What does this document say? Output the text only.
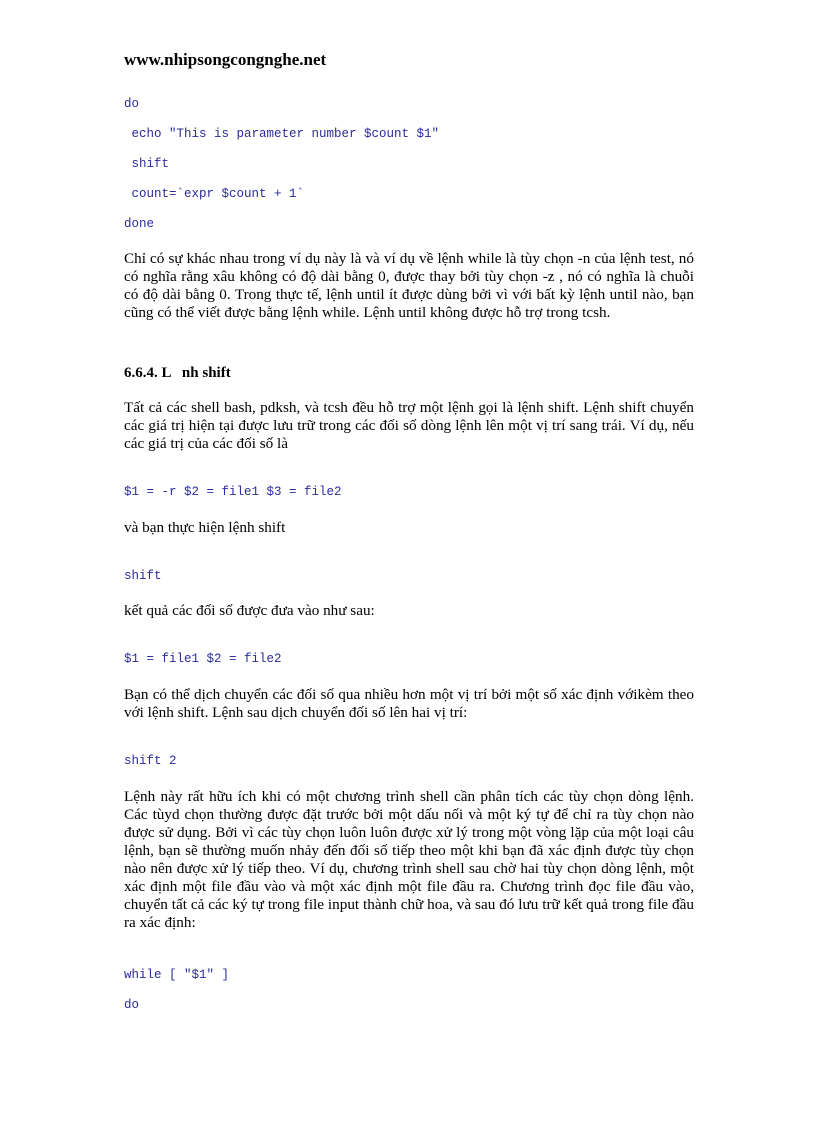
www.nhipsongcongnghe.net
do
echo "This is parameter number $count $1"
shift
count=`expr $count + 1`
done

Chỉ có sự khác nhau trong ví dụ này là và ví dụ về lệnh while là tùy chọn -n của lệnh test, nó có nghĩa rằng xâu không có độ dài bằng 0, được thay bởi tùy chọn -z , nó có nghĩa là chuỗi có độ dài bằng 0. Trong thực tế, lệnh until ít được dùng bởi vì với bất kỳ lệnh until nào, bạn cũng có thể viết được bằng lệnh while. Lệnh until không được hỗ trợ trong tcsh.

6.6.4. L   nh shift

Tất cả các shell bash, pdksh, và tcsh đều hỗ trợ một lệnh gọi là lệnh shift. Lệnh shift chuyển các giá trị hiện tại được lưu trữ trong các đối số dòng lệnh lên một vị trí sang trái. Ví dụ, nếu các giá trị của các đối số là

$1 = -r $2 = file1 $3 = file2

và bạn thực hiện lệnh shift

shift

kết quả các đối số được đưa vào như sau:

$1 = file1 $2 = file2

Bạn có thể dịch chuyển các đối số qua nhiều hơn một vị trí bởi một số xác định vớikèm theo với lệnh shift. Lệnh sau dịch chuyển đối số lên hai vị trí:

shift 2

Lệnh này rất hữu ích khi có một chương trình shell cần phân tích các tùy chọn dòng lệnh. Các tùyd chọn thường được đặt trước bởi một dấu nối và một ký tự để chỉ ra tùy chọn nào được sử dụng. Bởi vì các tùy chọn luôn luôn được xử lý trong một vòng lặp của một loại câu lệnh, bạn sẽ thường muốn nhảy đến đối số tiếp theo một khi bạn đã xác định được tùy chọn nào nên được xử lý tiếp theo. Ví dụ, chương trình shell sau chờ hai tùy chọn dòng lệnh, một xác định một file đầu vào và một xác định một file đầu ra. Chương trình đọc file đầu vào, chuyển tất cả các ký tự trong file input thành chữ hoa, và sau đó lưu trữ kết quả trong file đầu ra xác định:

while [ "$1" ]
do
